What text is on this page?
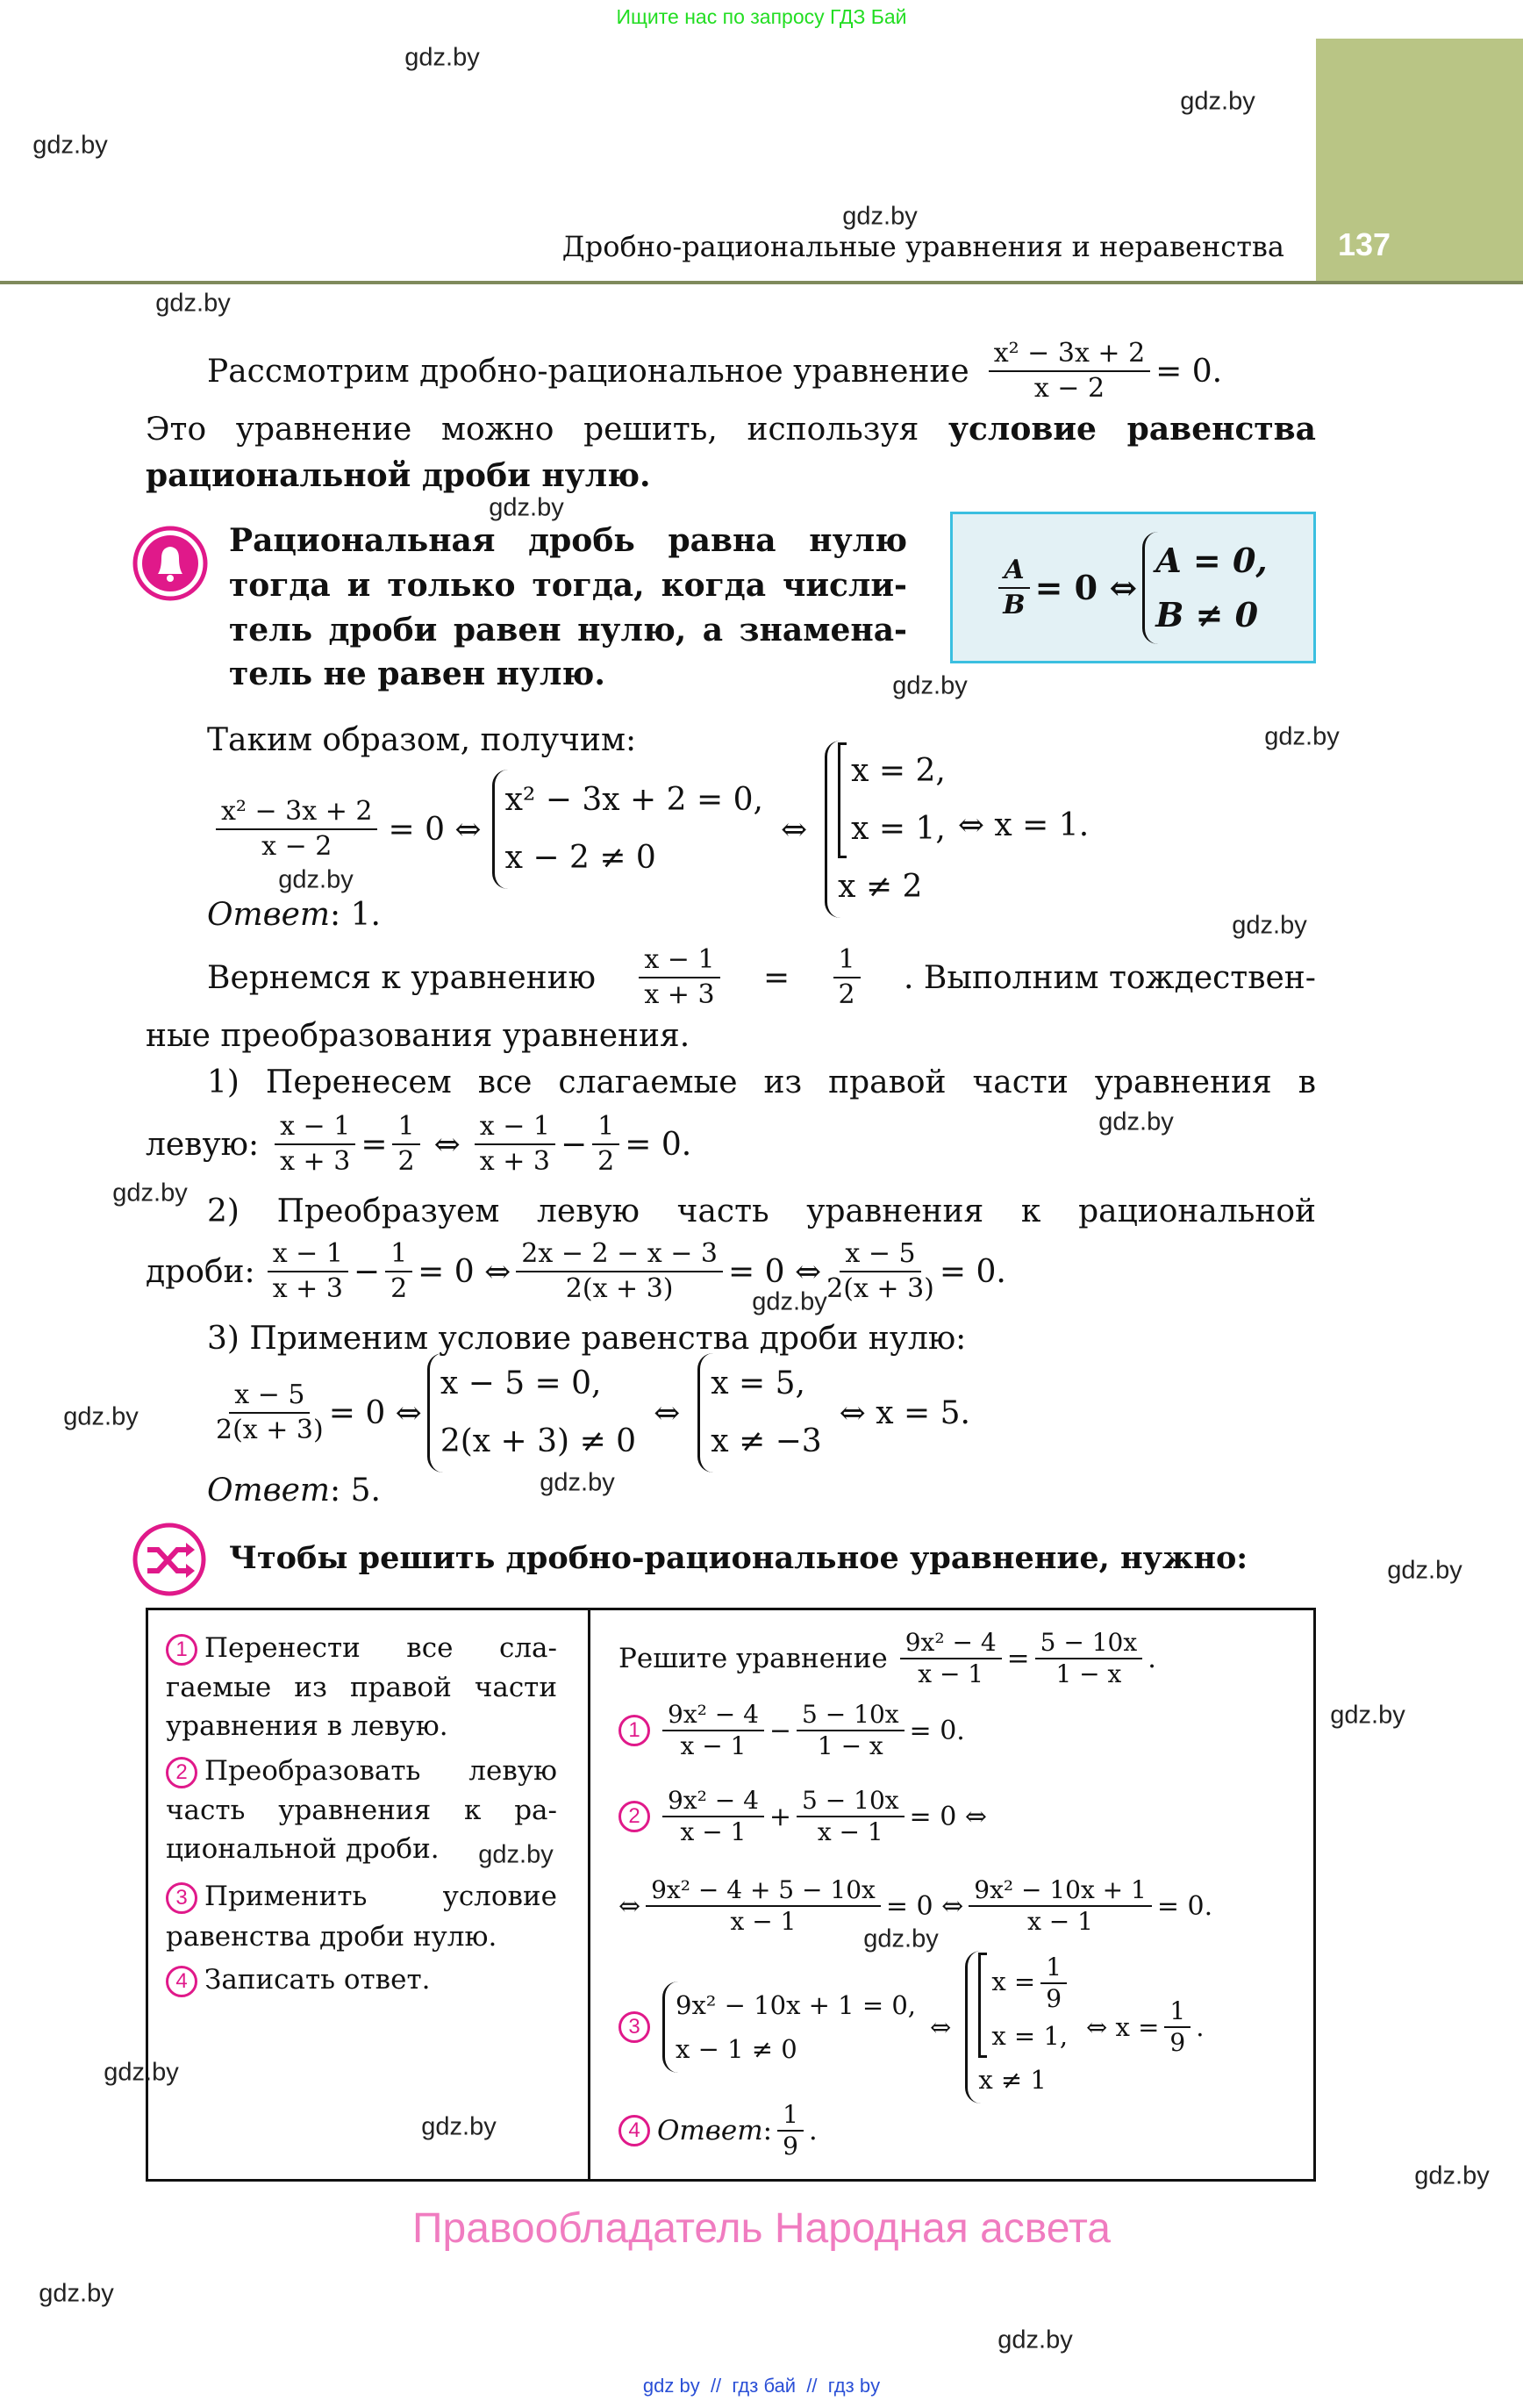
Ищите нас по запросу ГДЗ Бай
137
Дробно-рациональные уравнения и неравенства
gdz.by
gdz.by
gdz.by
gdz.by
gdz.by
gdz.by
gdz.by
gdz.by
gdz.by
gdz.by
gdz.by
gdz.by
gdz.by
gdz.by
gdz.by
gdz.by
gdz.by
gdz.by
gdz.by
gdz.by
gdz.by
gdz.by
gdz.by
gdz.by
Рассмотрим дробно-рациональное уравнение $\frac{\text{x² − 3x + 2}}{x - 2} = 0$.
Это уравнение можно решить, используя условие равенства
рациональной дроби нулю.
Рациональная дробь равна нулю
тогда и только тогда, когда числи-
тель дроби равен нулю, а знамена-
тель не равен нулю.
$\frac{A}{B} = 0$ ⇔
A = 0,
B ≠ 0
Таким образом, получим:
$\frac{\text{x² − 3x + 2}}{x - 2} = 0$ ⇔
x² − 3x + 2 = 0,
x − 2 ≠ 0
⇔
x = 2,
x = 1,
x ≠ 2
⇔ x = 1.
Ответ: 1.
Вернемся к уравнению $\frac{x - 1}{x + 3} = \frac{1}{2}$ . Выполним тождествен-
ные преобразования уравнения.
1) Перенесем все слагаемые из правой части уравнения в
левую: $\frac{x - 1}{x + 3} = \frac{1}{2}$ ⇔ $\frac{x - 1}{x + 3} - \frac{1}{2} = 0$.
2) Преобразуем левую часть уравнения к рациональной
дроби: $\frac{x - 1}{x + 3} - \frac{1}{2} = 0$ ⇔ $\frac{2x - 2 - x - 3}{2(x + 3)} = 0$ ⇔ $\frac{x - 5}{2(x + 3)} = 0$.
3) Применим условие равенства дроби нулю:
$\frac{x - 5}{2(x + 3)} = 0$ ⇔
x − 5 = 0,
2(x + 3) ≠ 0
⇔
x = 5,
x ≠ −3
⇔ x = 5.
Ответ: 5.
Чтобы решить дробно-рациональное уравнение, нужно:
1 Перенести все сла-
гаемые из правой части
уравнения в левую.
2 Преобразовать левую
часть уравнения к ра-
циональной дроби.
3 Применить условие
равенства дроби нулю.
4 Записать ответ.
Решите уравнение $\frac{\text{9x² − 4}}{x - 1} = \frac{5 - 10x}{1 - x}$ .
$1 \frac{\text{9x² − 4}}{x - 1} - \frac{5 - 10x}{1 - x} = 0$.
$2 \frac{\text{9x² − 4}}{x - 1} + \frac{5 - 10x}{x - 1} = 0$ ⇔
⇔ $\frac{\text{9x² − 4 + 5 − 10x}}{x - 1} = 0$ ⇔ $\frac{\text{9x² − 10x + 1}}{x - 1} = 0$.
3
9x² − 10x + 1 = 0,
x − 1 ≠ 0
⇔
$x = \frac{1}{9}$
x = 1,
x ≠ 1
⇔ $x = \frac{1}{9}$ .
4 Ответ : $\frac{1}{9}$ .
Правообладатель Народная асвета
gdz by  //  гдз бай  //  гдз by
